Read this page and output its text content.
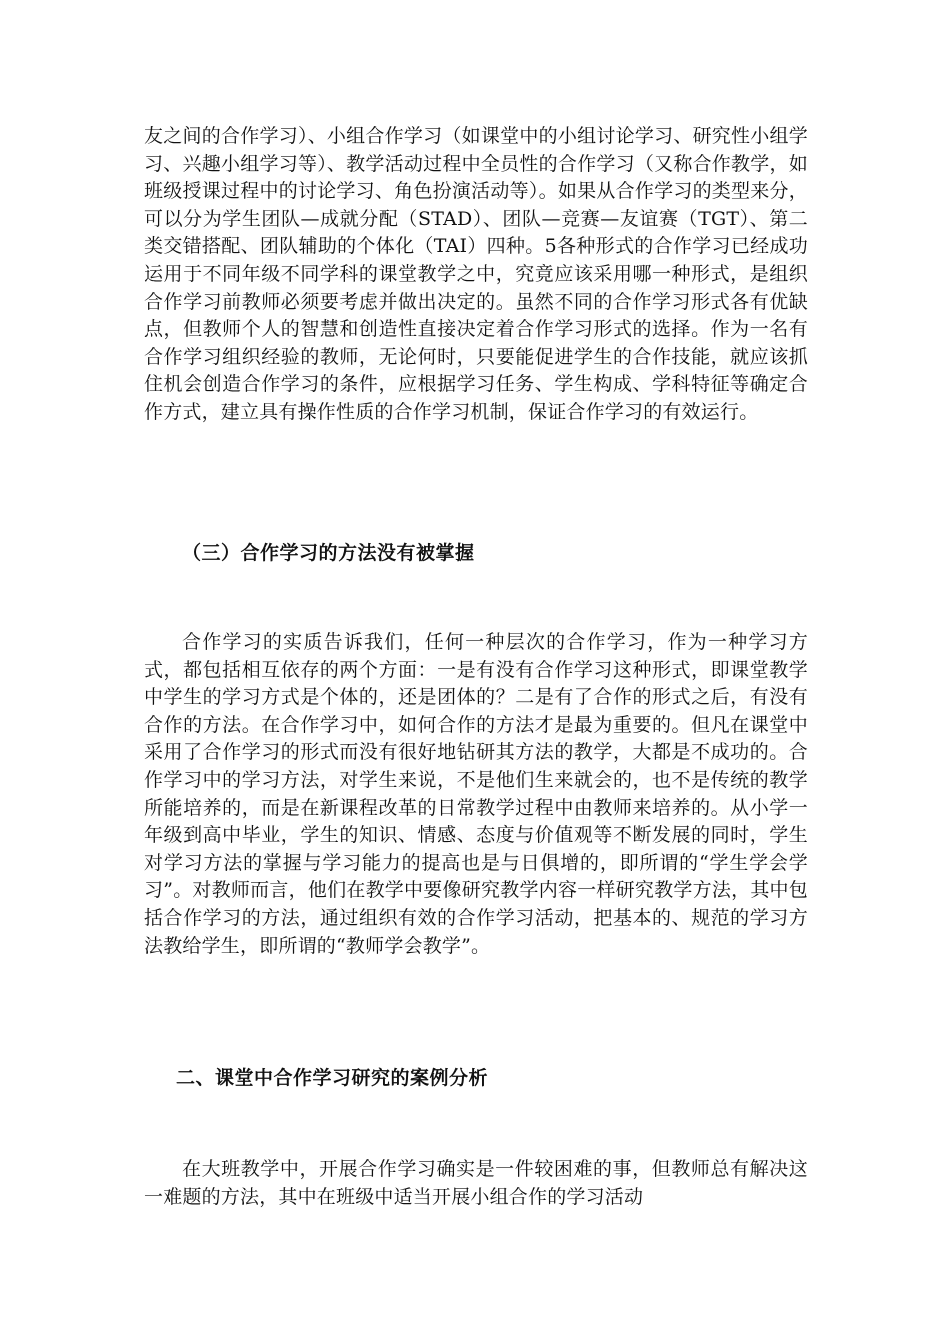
友之间的合作学习）、小组合作学习（如课堂中的小组讨论学习、研究性小组学习、兴趣小组学习等）、教学活动过程中全员性的合作学习（又称合作教学，如班级授课过程中的讨论学习、角色扮演活动等）。如果从合作学习的类型来分，可以分为学生团队—成就分配（STAD）、团队—竞赛—友谊赛（TGT）、第二类交错搭配、团队辅助的个体化（TAI）四种。5各种形式的合作学习已经成功运用于不同年级不同学科的课堂教学之中，究竟应该采用哪一种形式，是组织合作学习前教师必须要考虑并做出决定的。虽然不同的合作学习形式各有优缺点，但教师个人的智慧和创造性直接决定着合作学习形式的选择。作为一名有合作学习组织经验的教师，无论何时，只要能促进学生的合作技能，就应该抓住机会创造合作学习的条件，应根据学习任务、学生构成、学科特征等确定合作方式，建立具有操作性质的合作学习机制，保证合作学习的有效运行。

（三）合作学习的方法没有被掌握

合作学习的实质告诉我们，任何一种层次的合作学习，作为一种学习方式，都包括相互依存的两个方面：一是有没有合作学习这种形式，即课堂教学中学生的学习方式是个体的，还是团体的？二是有了合作的形式之后，有没有合作的方法。在合作学习中，如何合作的方法才是最为重要的。但凡在课堂中采用了合作学习的形式而没有很好地钻研其方法的教学，大都是不成功的。合作学习中的学习方法，对学生来说，不是他们生来就会的，也不是传统的教学所能培养的，而是在新课程改革的日常教学过程中由教师来培养的。从小学一年级到高中毕业，学生的知识、情感、态度与价值观等不断发展的同时，学生对学习方法的掌握与学习能力的提高也是与日俱增的，即所谓的“学生学会学习”。对教师而言，他们在教学中要像研究教学内容一样研究教学方法，其中包括合作学习的方法，通过组织有效的合作学习活动，把基本的、规范的学习方法教给学生，即所谓的“教师学会教学”。

二、课堂中合作学习研究的案例分析

在大班教学中，开展合作学习确实是一件较困难的事，但教师总有解决这一难题的方法，其中在班级中适当开展小组合作的学习活动
